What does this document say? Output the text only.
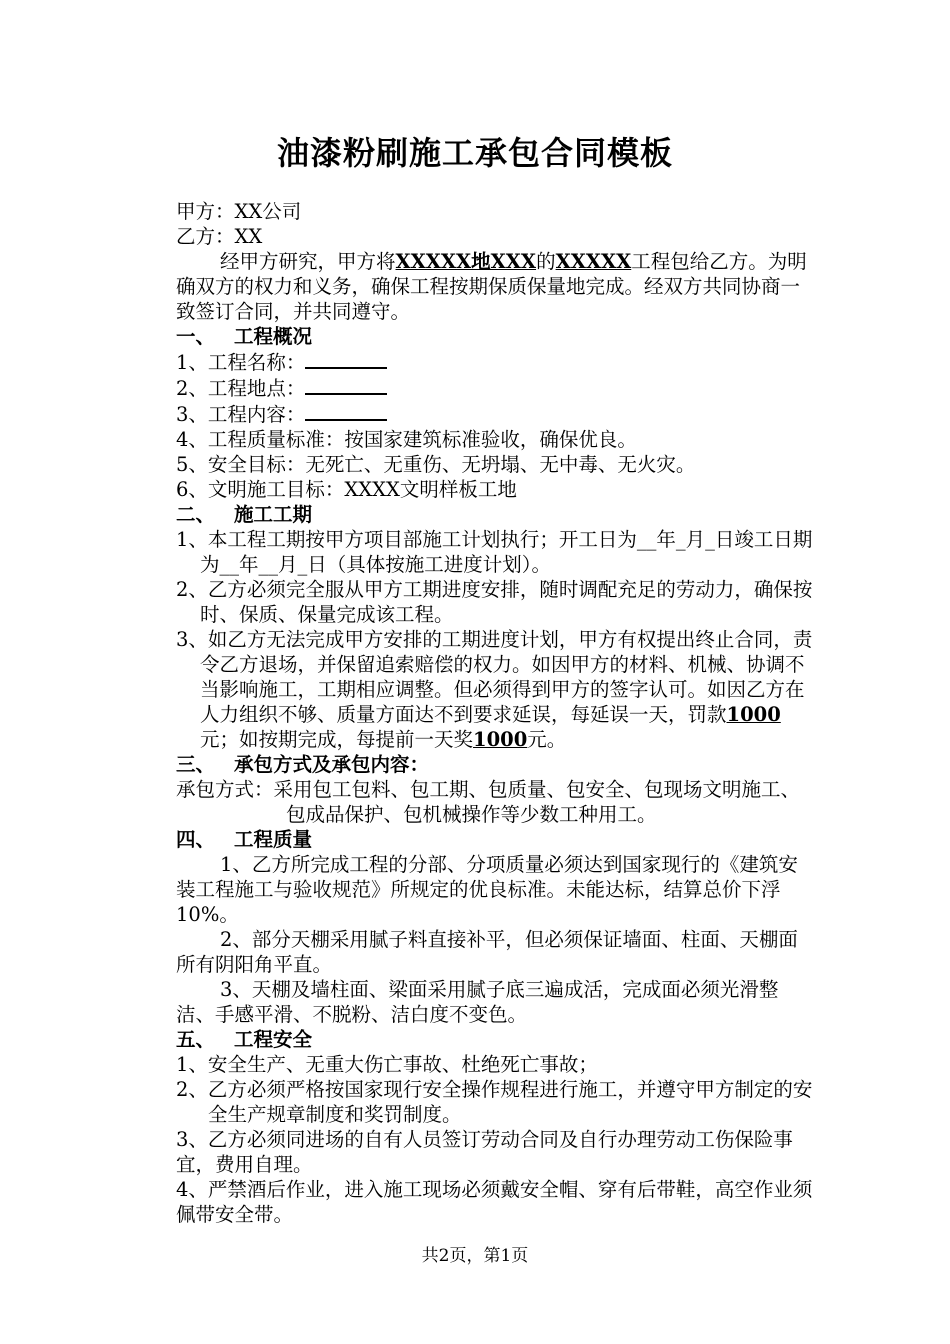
油漆粉刷施工承包合同模板

甲方：XX公司

乙方：XX

经甲方研究，甲方将XXXXX地XXX的XXXXX工程包给乙方。为明确双方的权力和义务，确保工程按期保质保量地完成。经双方共同协商一致签订合同，并共同遵守。

一、 工程概况

1、工程名称：

2、工程地点：

3、工程内容：

4、工程质量标准：按国家建筑标准验收，确保优良。

5、安全目标：无死亡、无重伤、无坍塌、无中毒、无火灾。

6、文明施工目标：XXXX文明样板工地

二、 施工工期

1、本工程工期按甲方项目部施工计划执行；开工日为__年_月_日竣工日期为__年__月_日（具体按施工进度计划）。

2、乙方必须完全服从甲方工期进度安排，随时调配充足的劳动力，确保按时、保质、保量完成该工程。

3、如乙方无法完成甲方安排的工期进度计划，甲方有权提出终止合同，责令乙方退场，并保留追索赔偿的权力。如因甲方的材料、机械、协调不当影响施工，工期相应调整。但必须得到甲方的签字认可。如因乙方在人力组织不够、质量方面达不到要求延误，每延误一天，罚款1000元；如按期完成，每提前一天奖1000元。

三、 承包方式及承包内容：

承包方式：采用包工包料、包工期、包质量、包安全、包现场文明施工、包成品保护、包机械操作等少数工种用工。

四、 工程质量

1、乙方所完成工程的分部、分项质量必须达到国家现行的《建筑安装工程施工与验收规范》所规定的优良标准。未能达标，结算总价下浮10%。

2、部分天棚采用腻子料直接补平，但必须保证墙面、柱面、天棚面所有阴阳角平直。

3、天棚及墙柱面、梁面采用腻子底三遍成活，完成面必须光滑整洁、手感平滑、不脱粉、洁白度不变色。

五、 工程安全

1、安全生产、无重大伤亡事故、杜绝死亡事故；

2、乙方必须严格按国家现行安全操作规程进行施工，并遵守甲方制定的安全生产规章制度和奖罚制度。

3、乙方必须同进场的自有人员签订劳动合同及自行办理劳动工伤保险事宜，费用自理。

4、严禁酒后作业，进入施工现场必须戴安全帽、穿有后带鞋，高空作业须佩带安全带。

共2页，第1页
